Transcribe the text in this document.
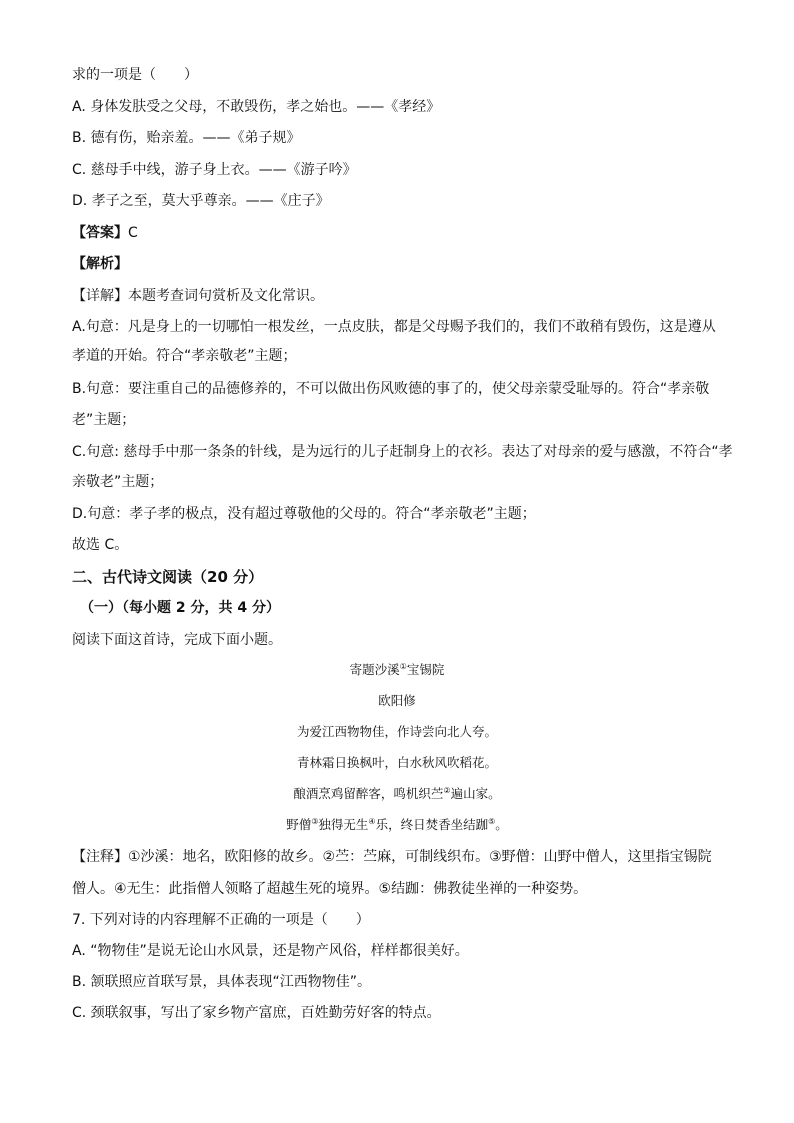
求的一项是（　　）
A. 身体发肤受之父母，不敢毁伤，孝之始也。——《孝经》
B. 德有伤，贻亲羞。——《弟子规》
C. 慈母手中线，游子身上衣。——《游子吟》
D. 孝子之至，莫大乎尊亲。——《庄子》
【答案】C
【解析】
【详解】本题考查词句赏析及文化常识。
A.句意：凡是身上的一切哪怕一根发丝，一点皮肤，都是父母赐予我们的，我们不敢稍有毁伤，这是遵从
孝道的开始。符合“孝亲敬老”主题；
B.句意：要注重自己的品德修养的，不可以做出伤风败德的事了的，使父母亲蒙受耻辱的。符合“孝亲敬
老”主题；
C.句意: 慈母手中那一条条的针线，是为远行的儿子赶制身上的衣衫。表达了对母亲的爱与感激，不符合“孝
亲敬老”主题；
D.句意：孝子孝的极点，没有超过尊敬他的父母的。符合“孝亲敬老”主题；
故选 C。
二、古代诗文阅读（20 分）
（一）（每小题 2 分，共 4 分）
阅读下面这首诗，完成下面小题。
寄题沙溪①宝锡院
欧阳修
为爱江西物物佳，作诗尝向北人夸。
青林霜日换枫叶，白水秋风吹稻花。
酿酒烹鸡留醉客，鸣机织苎②遍山家。
野僧③独得无生④乐，终日焚香坐结跏⑤。
【注释】①沙溪：地名，欧阳修的故乡。②苎：苎麻，可制线织布。③野僧：山野中僧人，这里指宝锡院
僧人。④无生：此指僧人领略了超越生死的境界。⑤结跏：佛教徒坐禅的一种姿势。
7. 下列对诗的内容理解不正确的一项是（　　）
A. “物物佳”是说无论山水风景，还是物产风俗，样样都很美好。
B. 颔联照应首联写景，具体表现“江西物物佳”。
C. 颈联叙事，写出了家乡物产富庶，百姓勤劳好客的特点。
